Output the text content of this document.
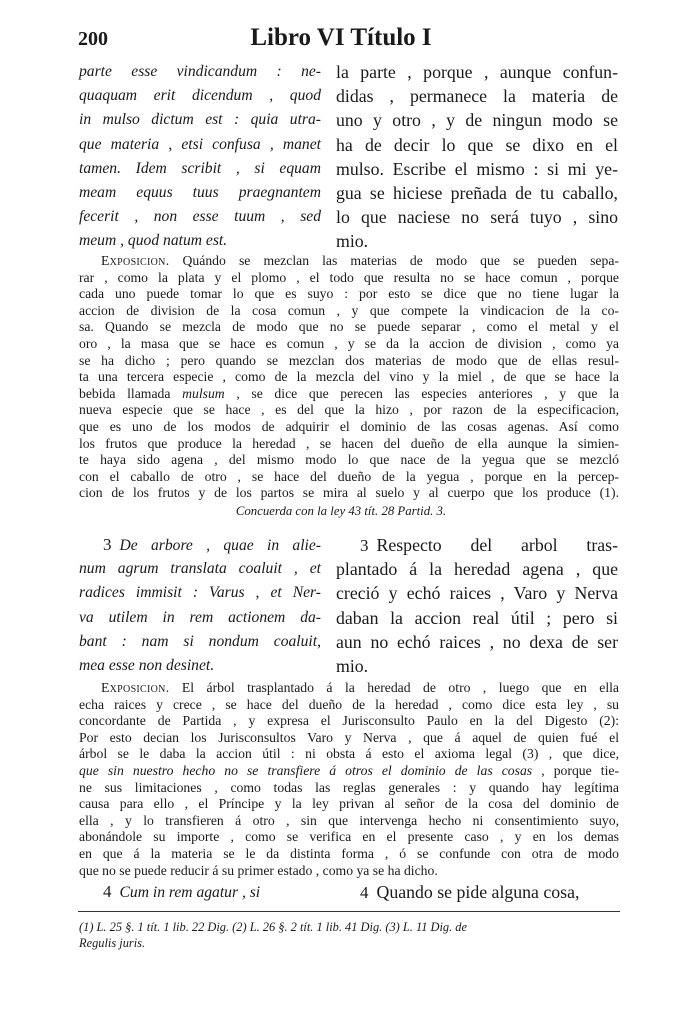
200	Libro VI Título I
parte esse vindicandum : ne-
quaquam erit dicendum , quod
in mulso dictum est : quia utra-
que materia , etsi confusa , manet
tamen. Idem scribit , si equam
meam equus tuus praegnantem
fecerit , non esse tuum , sed
meum , quod natum est.
la parte , porque , aunque confun-
didas , permanece la materia de
uno y otro , y de ningun modo se
ha de decir lo que se dixo en el
mulso. Escribe el mismo : si mi ye-
gua se hiciese preñada de tu caballo,
lo que naciese no será tuyo , sino
mio.
Exposicion. Quándo se mezclan las materias de modo que se pueden sepa-
rar , como la plata y el plomo , el todo que resulta no se hace comun , porque
cada uno puede tomar lo que es suyo : por esto se dice que no tiene lugar la
accion de division de la cosa comun , y que compete la vindicacion de la co-
sa. Quando se mezcla de modo que no se puede separar , como el metal y el
oro , la masa que se hace es comun , y se da la accion de division , como ya
se ha dicho ; pero quando se mezclan dos materias de modo que de ellas resul-
ta una tercera especie , como de la mezcla del vino y la miel , de que se hace la
bebida llamada mulsum , se dice que perecen las especies anteriores , y que la
nueva especie que se hace , es del que la hizo , por razon de la especificacion,
que es uno de los modos de adquirir el dominio de las cosas agenas. Así como
los frutos que produce la heredad , se hacen del dueño de ella aunque la simien-
te haya sido agena , del mismo modo lo que nace de la yegua que se mezcló
con el caballo de otro , se hace del dueño de la yegua , porque en la percep-
cion de los frutos y de los partos se mira al suelo y al cuerpo que los produce (1).
Concuerda con la ley 43 tít. 28 Partid. 3.
3 De arbore , quae in alie-
num agrum translata coaluit , et
radices immisit : Varus , et Ner-
va utilem in rem actionem da-
bant : nam si nondum coaluit,
mea esse non desinet.
3 Respecto del arbol tras-
plantado á la heredad agena , que
creció y echó raices , Varo y Nerva
daban la accion real útil ; pero si
aun no echó raices , no dexa de ser
mio.
Exposicion. El árbol trasplantado á la heredad de otro , luego que en ella
echa raices y crece , se hace del dueño de la heredad , como dice esta ley , su
concordante de Partida , y expresa el Jurisconsulto Paulo en la del Digesto (2):
Por esto decian los Jurisconsultos Varo y Nerva , que á aquel de quien fué el
árbol se le daba la accion útil : ni obsta á esto el axioma legal (3) , que dice,
que sin nuestro hecho no se transfiere á otros el dominio de las cosas , porque tie-
ne sus limitaciones , como todas las reglas generales : y quando hay legítima
causa para ello , el Príncipe y la ley privan al señor de la cosa del dominio de
ella , y lo transfieren á otro , sin que intervenga hecho ni consentimiento suyo,
abonándole su importe , como se verifica en el presente caso , y en los demas
en que á la materia se le da distinta forma , ó se confunde con otra de modo
que no se puede reducir á su primer estado , como ya se ha dicho.
4 Cum in rem agatur , si	4 Quando se pide alguna cosa,
(1) L. 25 §. 1 tít. 1 lib. 22 Dig. (2) L. 26 §. 2 tít. 1 lib. 41 Dig. (3) L. 11 Dig. de
Regulis juris.
